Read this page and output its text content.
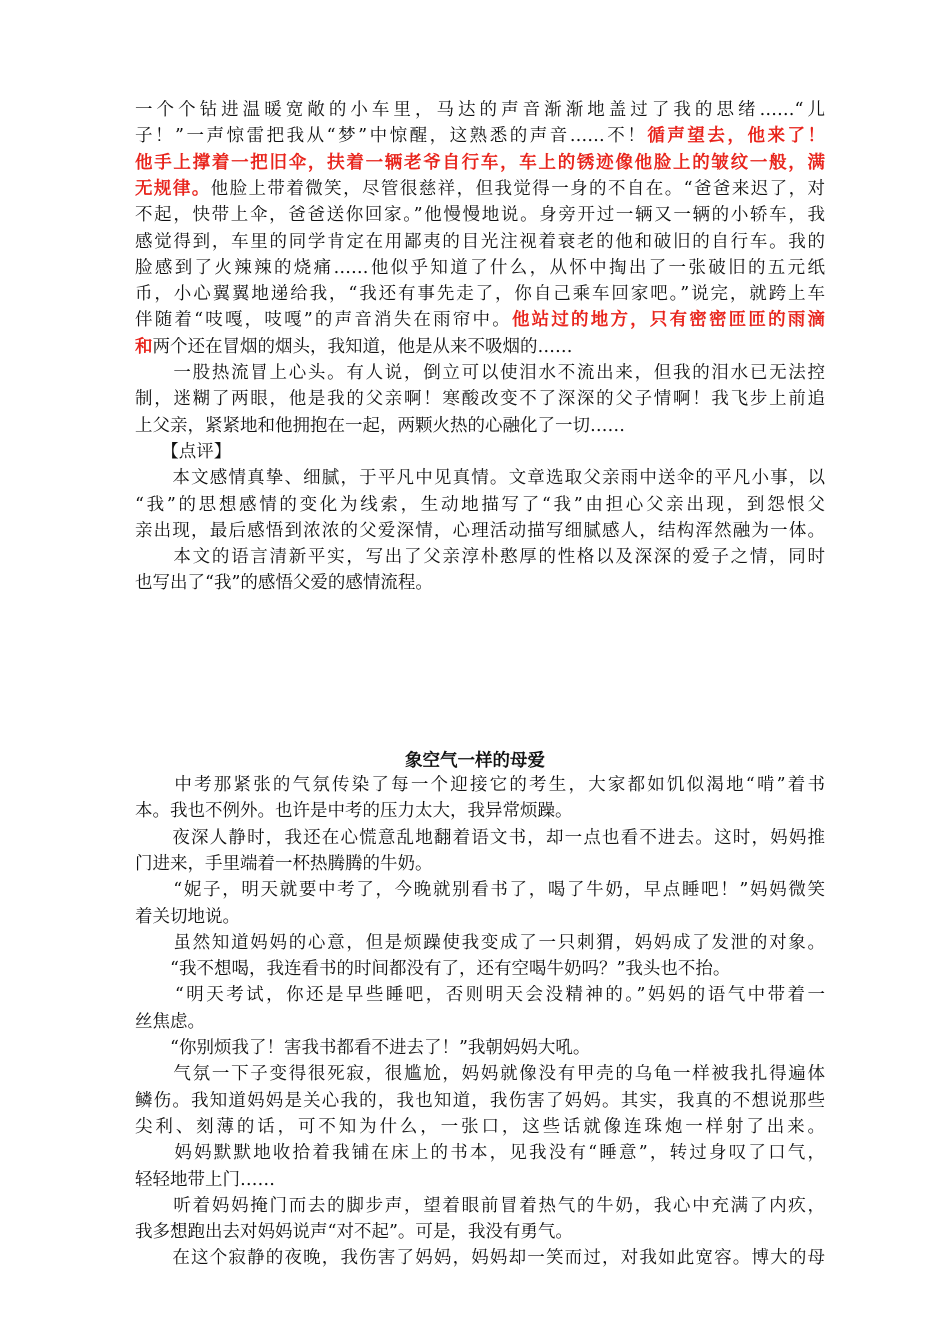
一个个钻进温暖宽敞的小车里，马达的声音渐渐地盖过了我的思绪……“儿
子！”一声惊雷把我从“梦”中惊醒，这熟悉的声音……不！循声望去，他来了！
他手上撑着一把旧伞，扶着一辆老爷自行车，车上的锈迹像他脸上的皱纹一般，满
无规律。他脸上带着微笑，尽管很慈祥，但我觉得一身的不自在。“爸爸来迟了，对
不起，快带上伞，爸爸送你回家。”他慢慢地说。身旁开过一辆又一辆的小轿车，我
感觉得到，车里的同学肯定在用鄙夷的目光注视着衰老的他和破旧的自行车。我的
脸感到了火辣辣的烧痛……他似乎知道了什么，从怀中掏出了一张破旧的五元纸
币，小心翼翼地递给我，“我还有事先走了，你自己乘车回家吧。”说完，就跨上车
伴随着“吱嘎，吱嘎”的声音消失在雨帘中。他站过的地方，只有密密匝匝的雨滴
和两个还在冒烟的烟头，我知道，他是从来不吸烟的……
　　一股热流冒上心头。有人说，倒立可以使泪水不流出来，但我的泪水已无法控
制，迷糊了两眼，他是我的父亲啊！寒酸改变不了深深的父子情啊！我飞步上前追
上父亲，紧紧地和他拥抱在一起，两颗火热的心融化了一切……
　　【点评】
　　本文感情真挚、细腻，于平凡中见真情。文章选取父亲雨中送伞的平凡小事，以
“我”的思想感情的变化为线索，生动地描写了“我”由担心父亲出现，到怨恨父
亲出现，最后感悟到浓浓的父爱深情，心理活动描写细腻感人，结构浑然融为一体。
　　本文的语言清新平实，写出了父亲淳朴憨厚的性格以及深深的爱子之情，同时
也写出了“我”的感悟父爱的感情流程。
象空气一样的母爱
　　中考那紧张的气氛传染了每一个迎接它的考生，大家都如饥似渴地“啃”着书
本。我也不例外。也许是中考的压力太大，我异常烦躁。
　　夜深人静时，我还在心慌意乱地翻着语文书，却一点也看不进去。这时，妈妈推
门进来，手里端着一杯热腾腾的牛奶。
　　“妮子，明天就要中考了，今晚就别看书了，喝了牛奶，早点睡吧！”妈妈微笑
着关切地说。
　　虽然知道妈妈的心意，但是烦躁使我变成了一只刺猬，妈妈成了发泄的对象。
　　“我不想喝，我连看书的时间都没有了，还有空喝牛奶吗？”我头也不抬。
　　“明天考试，你还是早些睡吧，否则明天会没精神的。”妈妈的语气中带着一
丝焦虑。
　　“你别烦我了！害我书都看不进去了！”我朝妈妈大吼。
　　气氛一下子变得很死寂，很尴尬，妈妈就像没有甲壳的乌龟一样被我扎得遍体
鳞伤。我知道妈妈是关心我的，我也知道，我伤害了妈妈。其实，我真的不想说那些
尖利、刻薄的话，可不知为什么，一张口，这些话就像连珠炮一样射了出来。
　　妈妈默默地收拾着我铺在床上的书本，见我没有“睡意”，转过身叹了口气，
轻轻地带上门……
　　听着妈妈掩门而去的脚步声，望着眼前冒着热气的牛奶，我心中充满了内疚，
我多想跑出去对妈妈说声“对不起”。可是，我没有勇气。
　　在这个寂静的夜晚，我伤害了妈妈，妈妈却一笑而过，对我如此宽容。博大的母
